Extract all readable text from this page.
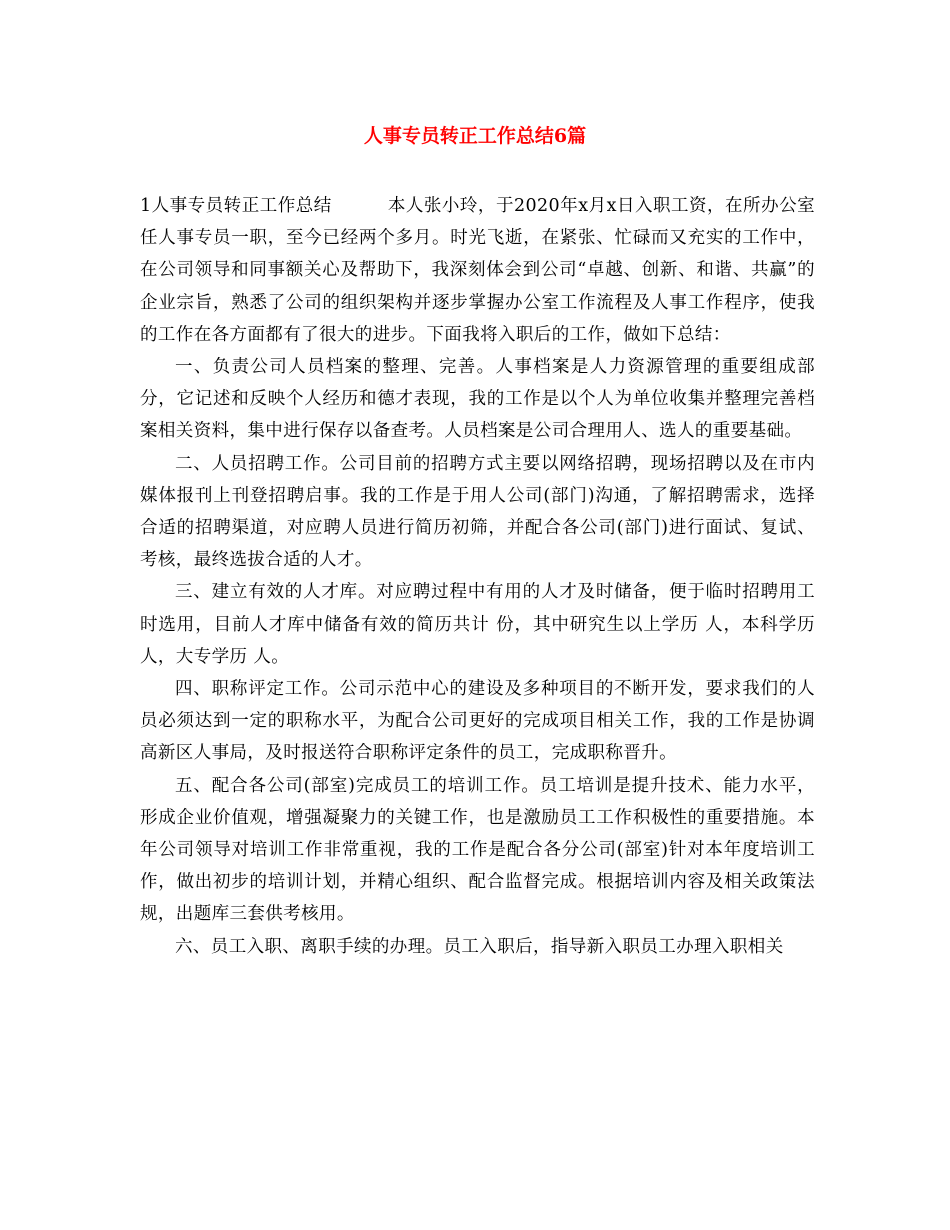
人事专员转正工作总结6篇

1人事专员转正工作总结	本人张小玲，于2020年x月x日入职工资，在所办公室任人事专员一职，至今已经两个多月。时光飞逝，在紧张、忙碌而又充实的工作中，在公司领导和同事额关心及帮助下，我深刻体会到公司“卓越、创新、和谐、共赢”的企业宗旨，熟悉了公司的组织架构并逐步掌握办公室工作流程及人事工作程序，使我的工作在各方面都有了很大的进步。下面我将入职后的工作，做如下总结：

一、负责公司人员档案的整理、完善。人事档案是人力资源管理的重要组成部分，它记述和反映个人经历和德才表现，我的工作是以个人为单位收集并整理完善档案相关资料，集中进行保存以备查考。人员档案是公司合理用人、选人的重要基础。

二、人员招聘工作。公司目前的招聘方式主要以网络招聘，现场招聘以及在市内媒体报刊上刊登招聘启事。我的工作是于用人公司(部门)沟通，了解招聘需求，选择合适的招聘渠道，对应聘人员进行简历初筛，并配合各公司(部门)进行面试、复试、考核，最终选拔合适的人才。

三、建立有效的人才库。对应聘过程中有用的人才及时储备，便于临时招聘用工时选用，目前人才库中储备有效的简历共计 份，其中研究生以上学历 人，本科学历 人，大专学历 人。

四、职称评定工作。公司示范中心的建设及多种项目的不断开发，要求我们的人员必须达到一定的职称水平，为配合公司更好的完成项目相关工作，我的工作是协调高新区人事局，及时报送符合职称评定条件的员工，完成职称晋升。

五、配合各公司(部室)完成员工的培训工作。员工培训是提升技术、能力水平，形成企业价值观，增强凝聚力的关键工作，也是激励员工工作积极性的重要措施。本年公司领导对培训工作非常重视，我的工作是配合各分公司(部室)针对本年度培训工作，做出初步的培训计划，并精心组织、配合监督完成。根据培训内容及相关政策法规，出题库三套供考核用。

六、员工入职、离职手续的办理。员工入职后，指导新入职员工办理入职相关
